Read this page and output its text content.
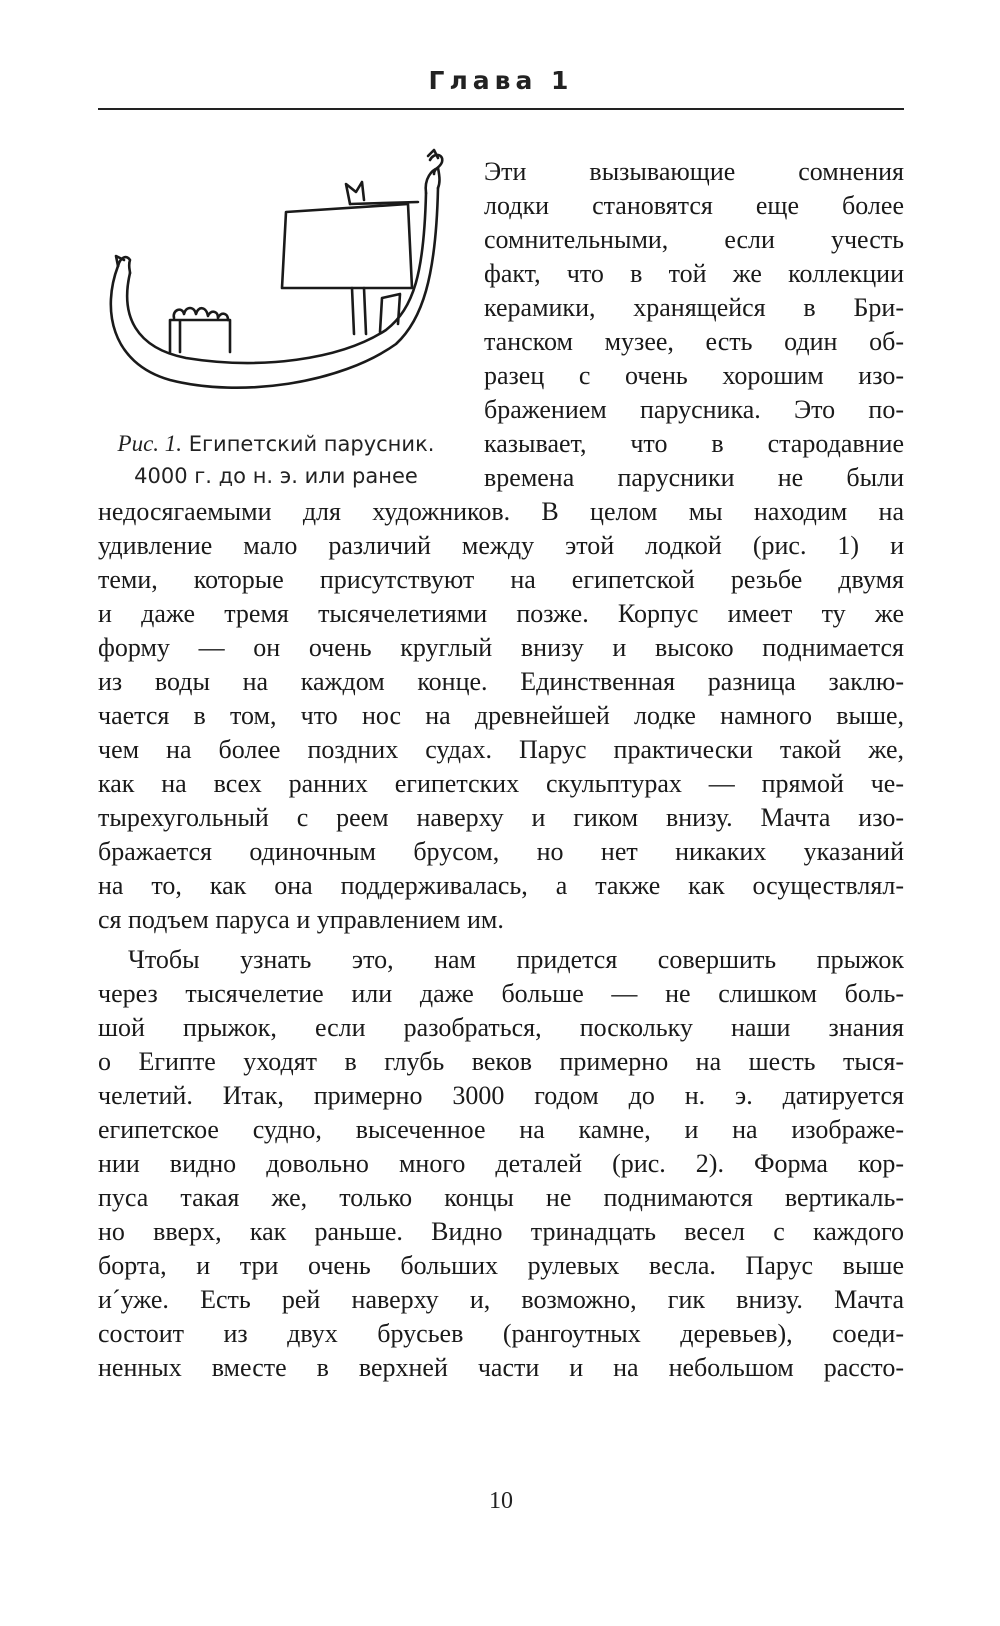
Глава 1
Рис. 1. Египетский парусник.
4000 г. до н. э. или ранее
Эти вызывающие сомнения
лодки становятся еще более
сомнительными, если учесть
факт, что в той же коллекции
керамики, хранящейся в Бри-
танском музее, есть один об-
разец с очень хорошим изо-
бражением парусника. Это по-
казывает, что в стародавние
времена парусники не были
недосягаемыми для художников. В целом мы находим на
удивление мало различий между этой лодкой (рис. 1) и
теми, которые присутствуют на египетской резьбе двумя
и даже тремя тысячелетиями позже. Корпус имеет ту же
форму — он очень круглый внизу и высоко поднимается
из воды на каждом конце. Единственная разница заклю-
чается в том, что нос на древнейшей лодке намного выше,
чем на более поздних судах. Парус практически такой же,
как на всех ранних египетских скульптурах — прямой че-
тырехугольный с реем наверху и гиком внизу. Мачта изо-
бражается одиночным брусом, но нет никаких указаний
на то, как она поддерживалась, а также как осуществлял-
ся подъем паруса и управлением им.
Чтобы узнать это, нам придется совершить прыжок
через тысячелетие или даже больше — не слишком боль-
шой прыжок, если разобраться, поскольку наши знания
о Египте уходят в глубь веков примерно на шесть тыся-
челетий. Итак, примерно 3000 годом до н. э. датируется
египетское судно, высеченное на камне, и на изображе-
нии видно довольно много деталей (рис. 2). Форма кор-
пуса такая же, только концы не поднимаются вертикаль-
но вверх, как раньше. Видно тринадцать весел с каждого
борта, и три очень больших рулевых весла. Парус выше
и´уже. Есть рей наверху и, возможно, гик внизу. Мачта
состоит из двух брусьев (рангоутных деревьев), соеди-
ненных вместе в верхней части и на небольшом рассто-
10
